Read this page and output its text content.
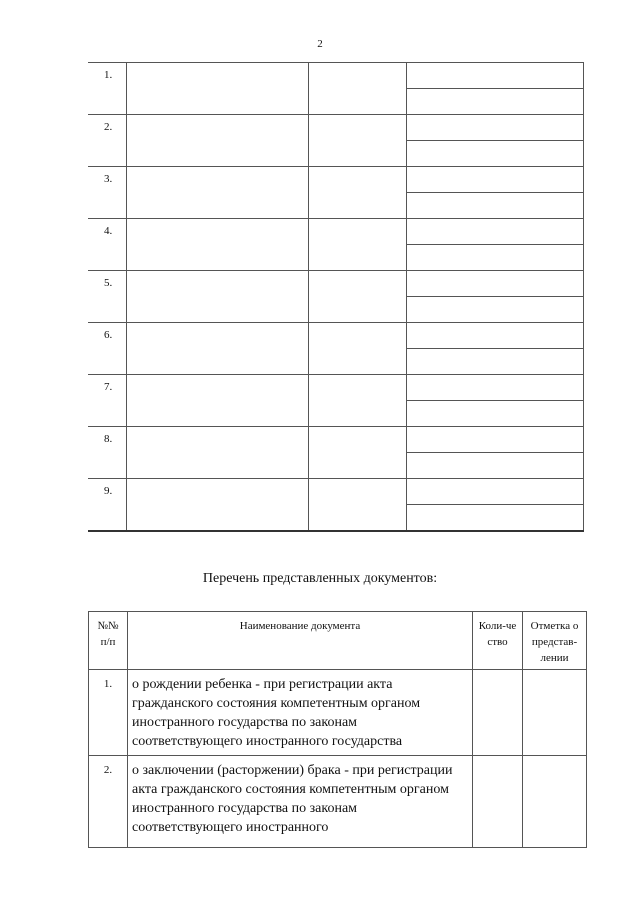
2
1.			

2.			

3.			

4.			

5.			

6.			

7.			

8.			

9.			

Перечень представленных документов:
№№ п/п	Наименование документа	Коли-чество	Отметка о представ-лении

1.	о рождении ребенка - при регистрации акта гражданского состояния компетентным органом иностранного государства по законам соответствующего иностранного государства		
2.	о заключении (расторжении) брака - при регистрации акта гражданского состояния компетентным органом иностранного государства по законам соответствующего иностранного		
